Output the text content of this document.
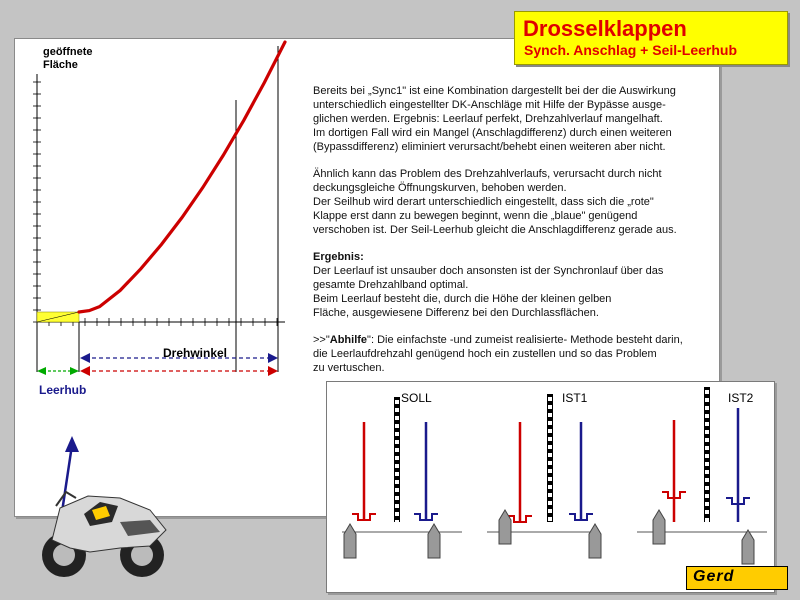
Drosselklappen
Synch. Anschlag + Seil-Leerhub
geöffnete
Fläche
Drehwinkel
Leerhub

Bereits bei „Sync1" ist eine Kombination dargestellt bei der die Auswirkung
unterschiedlich eingestellter DK-Anschläge mit Hilfe der Bypässe ausge-
glichen werden. Ergebnis: Leerlauf perfekt, Drehzahlverlauf mangelhaft.
Im dortigen Fall wird ein Mangel (Anschlagdifferenz) durch einen weiteren
(Bypassdifferenz) eliminiert verursacht/behebt einen weiteren aber nicht.

Ähnlich kann das Problem des Drehzahlverlaufs, verursacht durch nicht
deckungsgleiche Öffnungskurven, behoben werden.
Der Seilhub wird derart unterschiedlich eingestellt, dass sich die „rote"
Klappe erst dann zu bewegen beginnt, wenn die „blaue" genügend
verschoben ist. Der Seil-Leerhub gleicht die Anschlagdifferenz gerade aus.

Ergebnis:
Der Leerlauf ist unsauber doch ansonsten ist der Synchronlauf über das
gesamte Drehzahlband optimal.
Beim Leerlauf besteht die, durch die Höhe der kleinen gelben
Fläche, ausgewiesene Differenz bei den Durchlassflächen.

>>"Abhilfe": Die einfachste -und zumeist realisierte- Methode besteht darin,
die Leerlaufdrehzahl genügend hoch ein zustellen und so das Problem
zu vertuschen.

SOLL	IST1	IST2
Gerd
